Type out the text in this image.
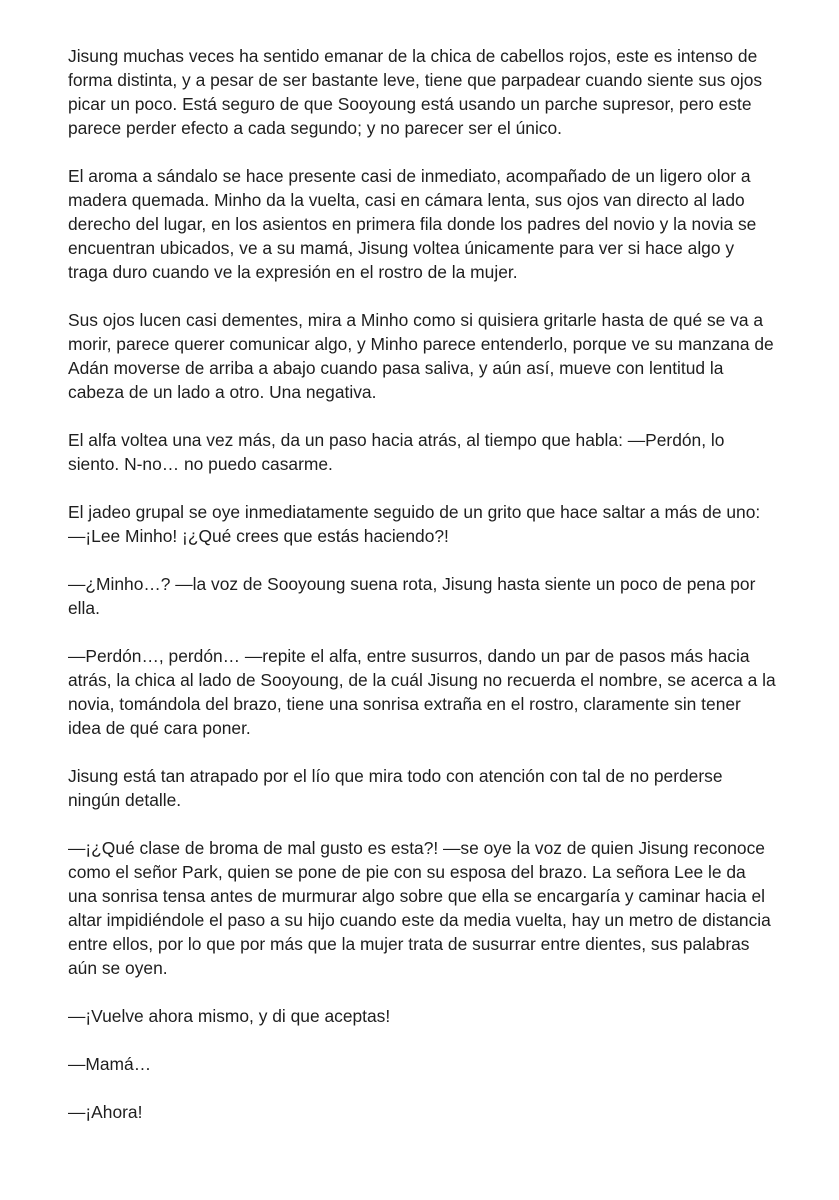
Jisung muchas veces ha sentido emanar de la chica de cabellos rojos, este es intenso de forma distinta, y a pesar de ser bastante leve, tiene que parpadear cuando siente sus ojos picar un poco. Está seguro de que Sooyoung está usando un parche supresor, pero este parece perder efecto a cada segundo; y no parecer ser el único.

El aroma a sándalo se hace presente casi de inmediato, acompañado de un ligero olor a madera quemada. Minho da la vuelta, casi en cámara lenta, sus ojos van directo al lado derecho del lugar, en los asientos en primera fila donde los padres del novio y la novia se encuentran ubicados, ve a su mamá, Jisung voltea únicamente para ver si hace algo y traga duro cuando ve la expresión en el rostro de la mujer.

Sus ojos lucen casi dementes, mira a Minho como si quisiera gritarle hasta de qué se va a morir, parece querer comunicar algo, y Minho parece entenderlo, porque ve su manzana de Adán moverse de arriba a abajo cuando pasa saliva, y aún así, mueve con lentitud la cabeza de un lado a otro. Una negativa.

El alfa voltea una vez más, da un paso hacia atrás, al tiempo que habla: —Perdón, lo siento. N-no… no puedo casarme.

El jadeo grupal se oye inmediatamente seguido de un grito que hace saltar a más de uno: —¡Lee Minho! ¡¿Qué crees que estás haciendo?!

—¿Minho…? —la voz de Sooyoung suena rota, Jisung hasta siente un poco de pena por ella.

—Perdón…, perdón… —repite el alfa, entre susurros, dando un par de pasos más hacia atrás, la chica al lado de Sooyoung, de la cuál Jisung no recuerda el nombre, se acerca a la novia, tomándola del brazo, tiene una sonrisa extraña en el rostro, claramente sin tener idea de qué cara poner.

Jisung está tan atrapado por el lío que mira todo con atención con tal de no perderse ningún detalle.

—¡¿Qué clase de broma de mal gusto es esta?! —se oye la voz de quien Jisung reconoce como el señor Park, quien se pone de pie con su esposa del brazo. La señora Lee le da una sonrisa tensa antes de murmurar algo sobre que ella se encargaría y caminar hacia el altar impidiéndole el paso a su hijo cuando este da media vuelta, hay un metro de distancia entre ellos, por lo que por más que la mujer trata de susurrar entre dientes, sus palabras aún se oyen.

—¡Vuelve ahora mismo, y di que aceptas!

—Mamá…

—¡Ahora!
